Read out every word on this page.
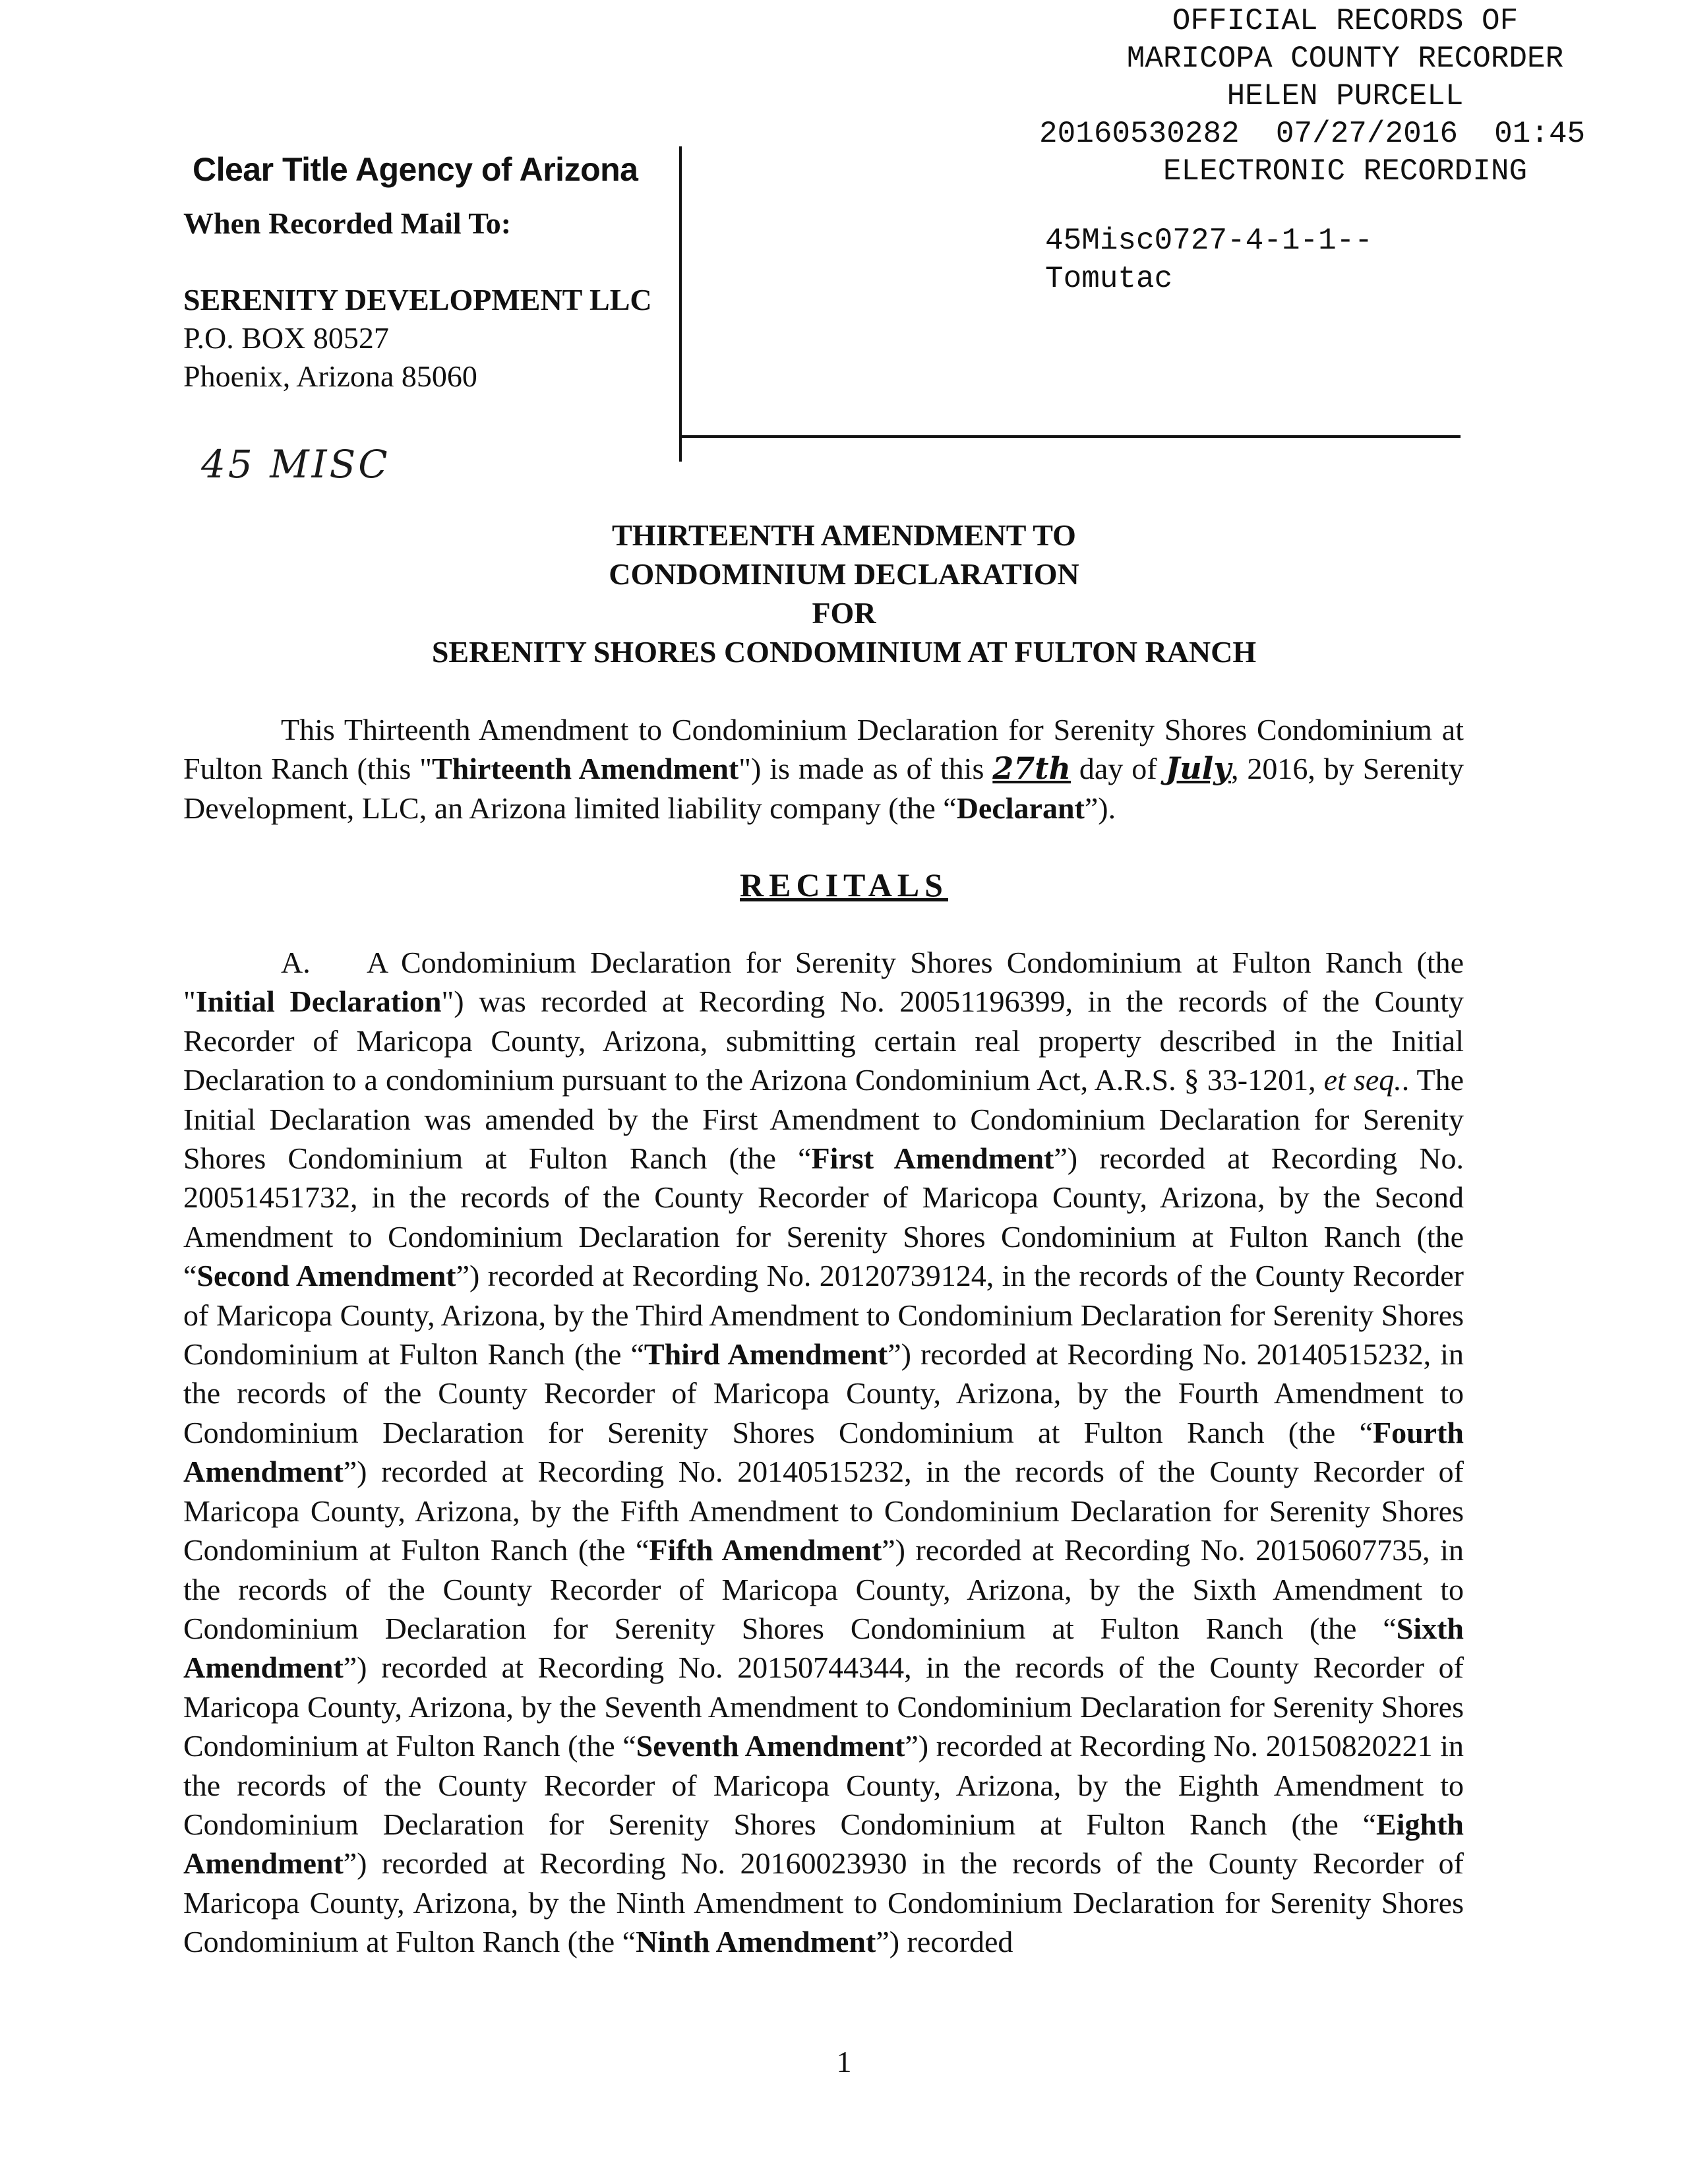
OFFICIAL RECORDS OF
MARICOPA COUNTY RECORDER
HELEN PURCELL
20160530282 07/27/2016 01:45
ELECTRONIC RECORDING
45Misc0727-4-1-1--
Tomutac
Clear Title Agency of Arizona
When Recorded Mail To:
SERENITY DEVELOPMENT LLC
P.O. BOX 80527
Phoenix, Arizona 85060
45 MISC
THIRTEENTH AMENDMENT TO
CONDOMINIUM DECLARATION
FOR
SERENITY SHORES CONDOMINIUM AT FULTON RANCH
This Thirteenth Amendment to Condominium Declaration for Serenity Shores Condominium at Fulton Ranch (this "Thirteenth Amendment") is made as of this 27th day of July, 2016, by Serenity Development, LLC, an Arizona limited liability company (the “Declarant”).
RECITALS
A. A Condominium Declaration for Serenity Shores Condominium at Fulton Ranch (the "Initial Declaration") was recorded at Recording No. 20051196399, in the records of the County Recorder of Maricopa County, Arizona, submitting certain real property described in the Initial Declaration to a condominium pursuant to the Arizona Condominium Act, A.R.S. § 33-1201, et seq.. The Initial Declaration was amended by the First Amendment to Condominium Declaration for Serenity Shores Condominium at Fulton Ranch (the “First Amendment”) recorded at Recording No. 20051451732, in the records of the County Recorder of Maricopa County, Arizona, by the Second Amendment to Condominium Declaration for Serenity Shores Condominium at Fulton Ranch (the “Second Amendment”) recorded at Recording No. 20120739124, in the records of the County Recorder of Maricopa County, Arizona, by the Third Amendment to Condominium Declaration for Serenity Shores Condominium at Fulton Ranch (the “Third Amendment”) recorded at Recording No. 20140515232, in the records of the County Recorder of Maricopa County, Arizona, by the Fourth Amendment to Condominium Declaration for Serenity Shores Condominium at Fulton Ranch (the “Fourth Amendment”) recorded at Recording No. 20140515232, in the records of the County Recorder of Maricopa County, Arizona, by the Fifth Amendment to Condominium Declaration for Serenity Shores Condominium at Fulton Ranch (the “Fifth Amendment”) recorded at Recording No. 20150607735, in the records of the County Recorder of Maricopa County, Arizona, by the Sixth Amendment to Condominium Declaration for Serenity Shores Condominium at Fulton Ranch (the “Sixth Amendment”) recorded at Recording No. 20150744344, in the records of the County Recorder of Maricopa County, Arizona, by the Seventh Amendment to Condominium Declaration for Serenity Shores Condominium at Fulton Ranch (the “Seventh Amendment”) recorded at Recording No. 20150820221 in the records of the County Recorder of Maricopa County, Arizona, by the Eighth Amendment to Condominium Declaration for Serenity Shores Condominium at Fulton Ranch (the “Eighth Amendment”) recorded at Recording No. 20160023930 in the records of the County Recorder of Maricopa County, Arizona, by the Ninth Amendment to Condominium Declaration for Serenity Shores Condominium at Fulton Ranch (the “Ninth Amendment”) recorded
1
